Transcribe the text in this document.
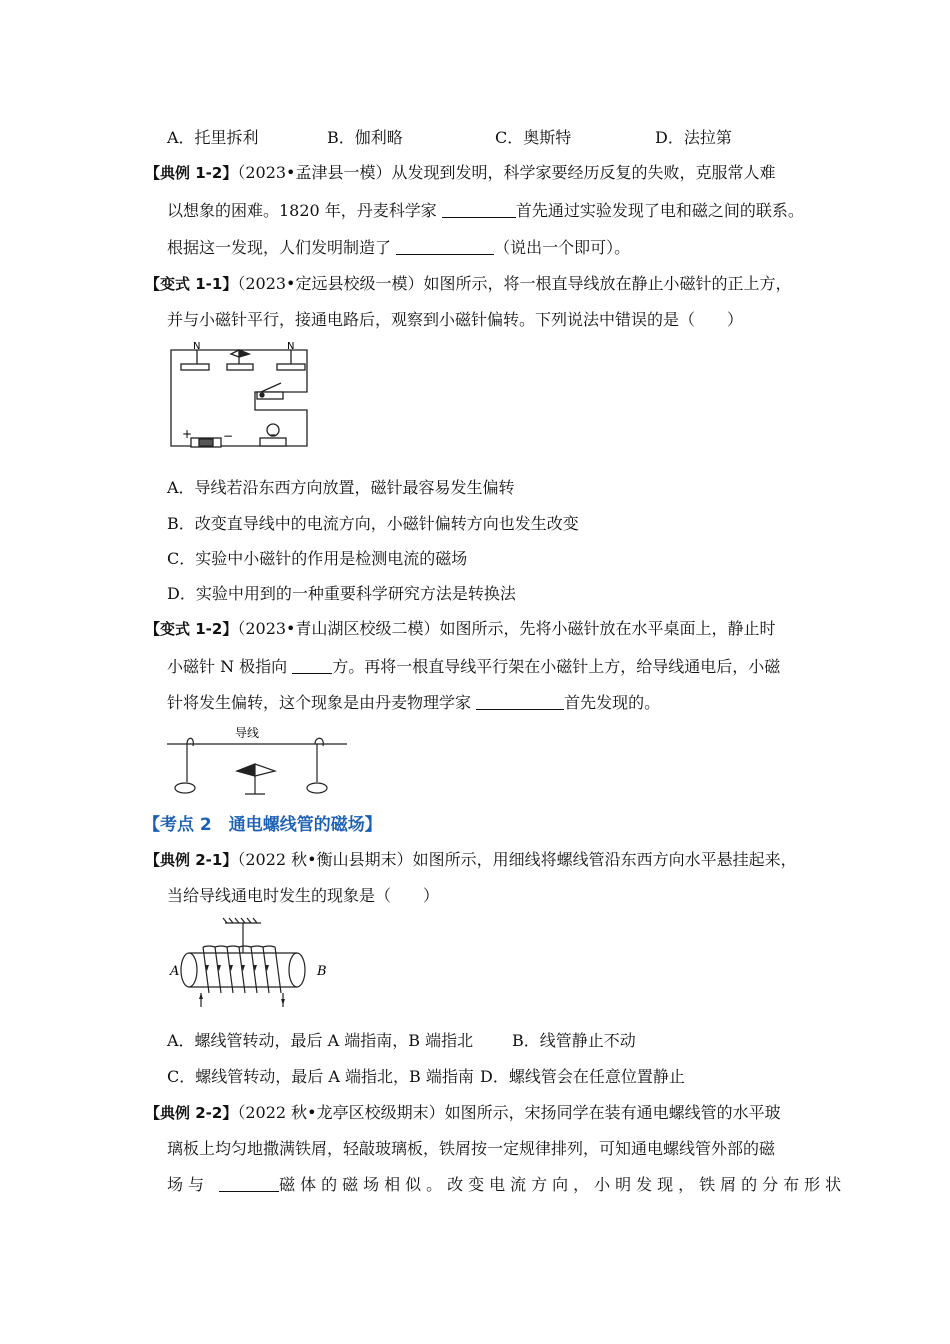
A．托里拆利	B．伽利略	C．奥斯特	D．法拉第
【典例 1-2】（2023•孟津县一模）从发现到发明，科学家要经历反复的失败，克服常人难
以想象的困难。1820 年，丹麦科学家	首先通过实验发现了电和磁之间的联系。
根据这一发现，人们发明制造了	（说出一个即可）。
【变式 1-1】（2023•定远县校级一模）如图所示，将一根直导线放在静止小磁针的正上方，
并与小磁针平行，接通电路后，观察到小磁针偏转。下列说法中错误的是（　　）
N	N
+	−
A．导线若沿东西方向放置，磁针最容易发生偏转
B．改变直导线中的电流方向，小磁针偏转方向也发生改变
C．实验中小磁针的作用是检测电流的磁场
D．实验中用到的一种重要科学研究方法是转换法
【变式 1-2】（2023•青山湖区校级二模）如图所示，先将小磁针放在水平桌面上，静止时
小磁针 N 极指向	方。再将一根直导线平行架在小磁针上方，给导线通电后，小磁
针将发生偏转，这个现象是由丹麦物理学家	首先发现的。
导线
【考点 2　通电螺线管的磁场】
【典例 2-1】（2022 秋•衡山县期末）如图所示，用细线将螺线管沿东西方向水平悬挂起来，
当给导线通电时发生的现象是（　　）
A	B
A．螺线管转动，最后 A 端指南，B 端指北 B．线管静止不动
C．螺线管转动，最后 A 端指北，B 端指南 D．螺线管会在任意位置静止
【典例 2-2】（2022 秋•龙亭区校级期末）如图所示，宋扬同学在装有通电螺线管的水平玻
璃板上均匀地撒满铁屑，轻敲玻璃板，铁屑按一定规律排列，可知通电螺线管外部的磁
场与	磁体的磁场相似。改变电流方向，小明发现，铁屑的分布形状
